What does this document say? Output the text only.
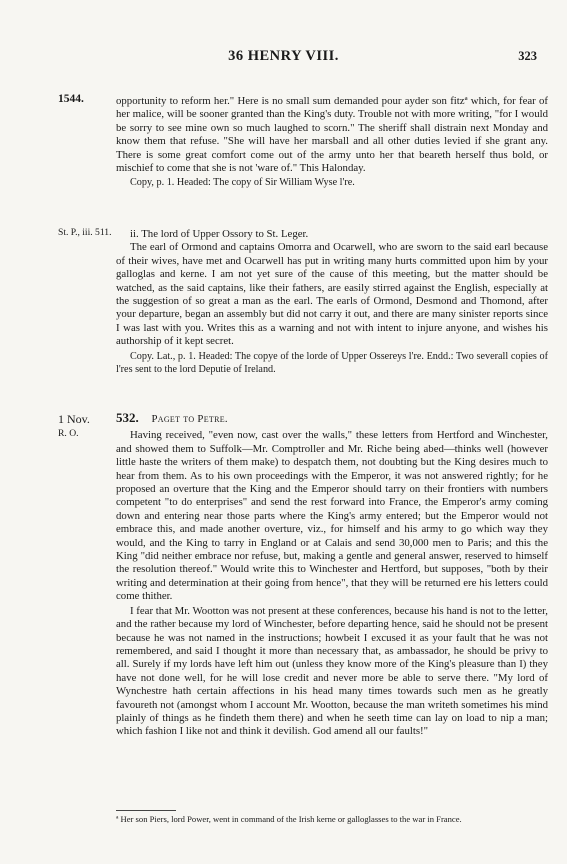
36 HENRY VIII.	323
1544.
St. P., iii. 511.
1 Nov.
R. O.

opportunity to reform her." Here is no small sum demanded pour ayder son fitzª which, for fear of her malice, will be sooner granted than the King's duty. Trouble not with more writing, "for I would be sorry to see mine own so much laughed to scorn." The sheriff shall distrain next Monday and know them that refuse. "She will have her marsball and all other duties levied if she grant any. There is some great comfort come out of the army unto her that beareth herself thus bold, or mischief to come that she is not 'ware of." This Halonday.

Copy, p. 1. Headed: The copy of Sir William Wyse l're.

ii. The lord of Upper Ossory to St. Leger.

The earl of Ormond and captains Omorra and Ocarwell, who are sworn to the said earl because of their wives, have met and Ocarwell has put in writing many hurts committed upon him by your galloglas and kerne. I am not yet sure of the cause of this meeting, but the matter should be watched, as the said captains, like their fathers, are easily stirred against the English, especially at the suggestion of so great a man as the earl. The earls of Ormond, Desmond and Thomond, after your departure, began an assembly but did not carry it out, and there are many sinister reports since I was last with you. Writes this as a warning and not with intent to injure anyone, and wishes his authorship of it kept secret.

Copy. Lat., p. 1. Headed: The copye of the lorde of Upper Ossereys l're. Endd.: Two severall copies of l'res sent to the lord Deputie of Ireland.

532. Paget to Petre.

Having received, "even now, cast over the walls," these letters from Hertford and Winchester, and showed them to Suffolk—Mr. Comptroller and Mr. Riche being abed—thinks well (however little haste the writers of them make) to despatch them, not doubting but the King desires much to hear from them. As to his own proceedings with the Emperor, it was not answered rightly; for he proposed an overture that the King and the Emperor should tarry on their frontiers with numbers competent "to do enterprises" and send the rest forward into France, the Emperor's army coming down and entering near those parts where the King's army entered; but the Emperor would not embrace this, and made another overture, viz., for himself and his army to go which way they would, and the King to tarry in England or at Calais and send 30,000 men to Paris; and this the King "did neither embrace nor refuse, but, making a gentle and general answer, reserved to himself the resolution thereof." Would write this to Winchester and Hertford, but supposes, "both by their writing and determination at their going from hence", that they will be returned ere his letters could come thither.

I fear that Mr. Wootton was not present at these conferences, because his hand is not to the letter, and the rather because my lord of Winchester, before departing hence, said he should not be present because he was not named in the instructions; howbeit I excused it as your fault that he was not remembered, and said I thought it more than necessary that, as ambassador, he should be privy to all. Surely if my lords have left him out (unless they know more of the King's pleasure than I) they have not done well, for he will lose credit and never more be able to serve there. "My lord of Wynchestre hath certain affections in his head many times towards such men as he greatly favoureth not (amongst whom I account Mr. Wootton, because the man writeth sometimes his mind plainly of things as he findeth them there) and when he seeth time can lay on load to nip a man; which fashion I like not and think it devilish. God amend all our faults!"

ª Her son Piers, lord Power, went in command of the Irish kerne or galloglasses to the war in France.
